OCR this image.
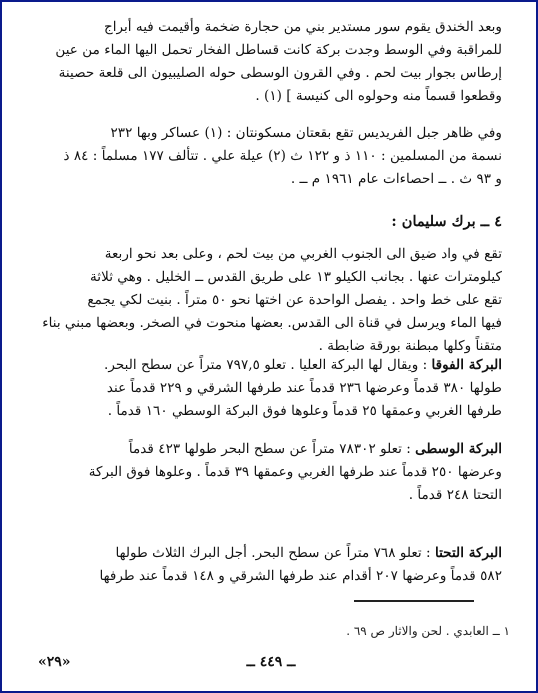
وبعد الخندق يقوم سور مستدير بني من حجارة ضخمة وأقيمت فيه أبراج
للمراقبة وفي الوسط وجدت بركة كانت قساطل الفخار تحمل اليها الماء من عين
إرطاس بجوار بيت لحم . وفي القرون الوسطى حوله الصليبيون الى قلعة حصينة
وقطعوا قسماً منه وحولوه الى كنيسة ] (١) .
وفي ظاهر جبل الفريديس تقع بقعتان مسكونتان : (١) عساكر وبها ٢٣٢
نسمة من المسلمين : ١١٠ ذ و ١٢٢ ث (٢) عيلة علي . تتألف ١٧٧ مسلماً : ٨٤ ذ
و ٩٣ ث . ــ احصاءات عام ١٩٦١ م ــ .
٤ ــ برك سليمان :
تقع في واد ضيق الى الجنوب الغربي من بيت لحم ، وعلى بعد نحو اربعة
كيلومترات عنها . بجانب الكيلو ١٣ على طريق القدس ــ الخليل . وهي ثلاثة
تقع على خط واحد . يفصل الواحدة عن اختها نحو ٥٠ متراً . بنيت لكي يجمع
فيها الماء ويرسل في قناة الى القدس. بعضها منحوت في الصخر. وبعضها مبني بناء
متقناً وكلها مبطنة بورقة ضابطة .
البركة الفوقا : ويقال لها البركة العليا . تعلو ٧٩٧,٥ متراً عن سطح البحر.
طولها ٣٨٠ قدماً وعرضها ٢٣٦ قدماً عند طرفها الشرقي و ٢٢٩ قدماً عند
طرفها الغربي وعمقها ٢٥ قدماً وعلوها فوق البركة الوسطي ١٦٠ قدماً .
البركة الوسطى : تعلو ٧٨٣٠٢ متراً عن سطح البحر طولها ٤٢٣ قدماً
وعرضها ٢٥٠ قدماً عند طرفها الغربي وعمقها ٣٩ قدماً . وعلوها فوق البركة
التحتا ٢٤٨ قدماً .
البركة التحتا : تعلو ٧٦٨ متراً عن سطح البحر. أجل البرك الثلاث طولها
٥٨٢ قدماً وعرضها ٢٠٧ أقدام عند طرفها الشرقي و ١٤٨ قدماً عند طرفها
١ ــ العابدي . لحن والاثار ص ٦٩ .
ــ ٤٤٩ ــ
«٢٩»
